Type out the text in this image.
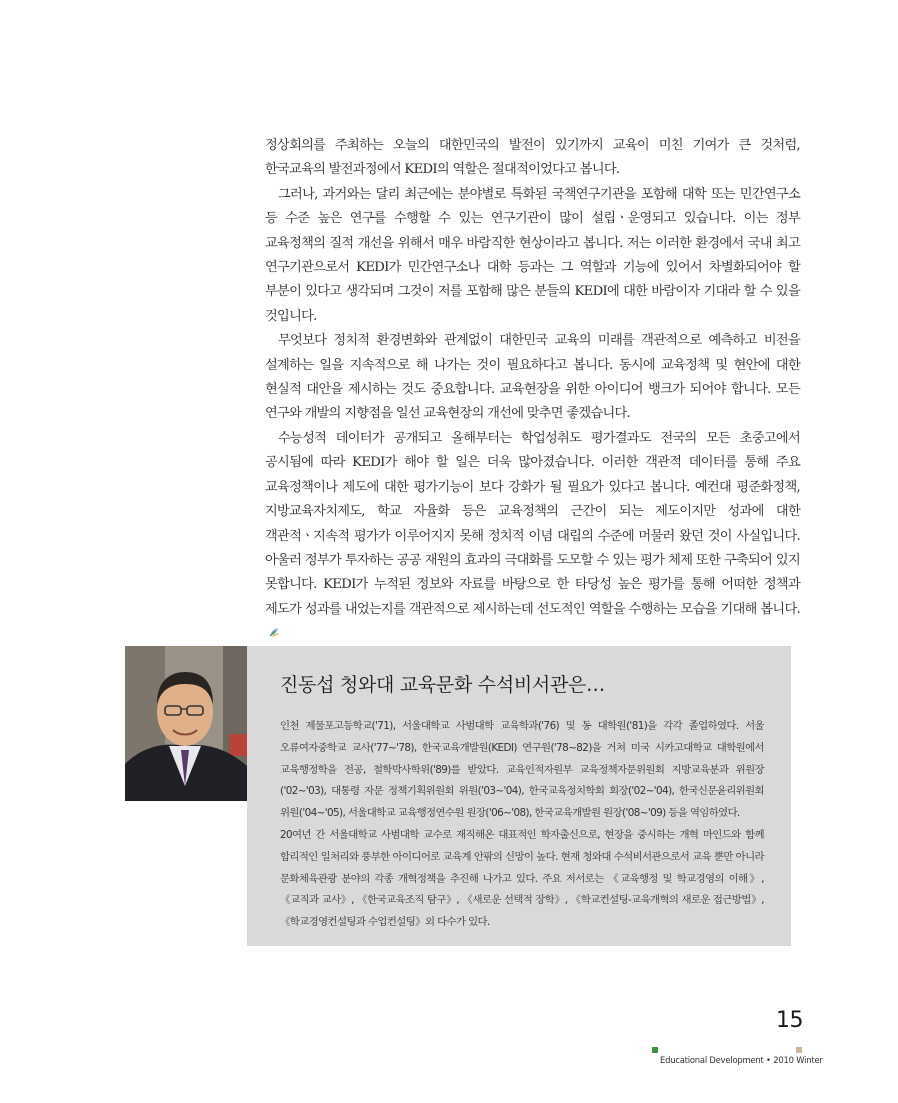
정상회의를 주최하는 오늘의 대한민국의 발전이 있기까지 교육이 미친 기여가 큰 것처럼, 한국교육의 발전과정에서 KEDI의 역할은 절대적이었다고 봅니다.

그러나, 과거와는 달리 최근에는 분야별로 특화된 국책연구기관을 포함해 대학 또는 민간연구소 등 수준 높은 연구를 수행할 수 있는 연구기관이 많이 설립ㆍ운영되고 있습니다. 이는 정부 교육정책의 질적 개선을 위해서 매우 바람직한 현상이라고 봅니다. 저는 이러한 환경에서 국내 최고 연구기관으로서 KEDI가 민간연구소나 대학 등과는 그 역할과 기능에 있어서 차별화되어야 할 부분이 있다고 생각되며 그것이 저를 포함해 많은 분들의 KEDI에 대한 바람이자 기대라 할 수 있을 것입니다.

무엇보다 정치적 환경변화와 관계없이 대한민국 교육의 미래를 객관적으로 예측하고 비전을 설계하는 일을 지속적으로 해 나가는 것이 필요하다고 봅니다. 동시에 교육정책 및 현안에 대한 현실적 대안을 제시하는 것도 중요합니다. 교육현장을 위한 아이디어 뱅크가 되어야 합니다. 모든 연구와 개발의 지향점을 일선 교육현장의 개선에 맞추면 좋겠습니다.

수능성적 데이터가 공개되고 올해부터는 학업성취도 평가결과도 전국의 모든 초중고에서 공시됨에 따라 KEDI가 해야 할 일은 더욱 많아졌습니다. 이러한 객관적 데이터를 통해 주요 교육정책이나 제도에 대한 평가기능이 보다 강화가 될 필요가 있다고 봅니다. 예컨대 평준화정책, 지방교육자치제도, 학교 자율화 등은 교육정책의 근간이 되는 제도이지만 성과에 대한 객관적ㆍ지속적 평가가 이루어지지 못해 정치적 이념 대립의 수준에 머물러 왔던 것이 사실입니다. 아울러 정부가 투자하는 공공 재원의 효과의 극대화를 도모할 수 있는 평가 체제 또한 구축되어 있지 못합니다. KEDI가 누적된 정보와 자료를 바탕으로 한 타당성 높은 평가를 통해 어떠한 정책과 제도가 성과를 내었는지를 객관적으로 제시하는데 선도적인 역할을 수행하는 모습을 기대해 봅니다.

진동섭 청와대 교육문화 수석비서관은…

인천 제물포고등학교('71), 서울대학교 사범대학 교육학과('76) 및 동 대학원('81)을 각각 졸업하였다. 서울 오류여자중학교 교사('77~'78), 한국교육개발원(KEDI) 연구원('78~82)을 거쳐 미국 시카고대학교 대학원에서 교육행정학을 전공, 철학박사학위('89)를 받았다. 교육인적자원부 교육정책자문위원회 지방교육분과 위원장('02~'03), 대통령 자문 정책기획위원회 위원('03~'04), 한국교육정치학회 회장('02~'04), 한국신문윤리위원회 위원('04~'05), 서울대학교 교육행정연수원 원장('06~'08), 한국교육개발원 원장('08~'09) 등을 역임하였다.

20여년 간 서울대학교 사범대학 교수로 재직해온 대표적인 학자출신으로, 현장을 중시하는 개혁 마인드와 함께 합리적인 일처리와 풍부한 아이디어로 교육계 안팎의 신망이 높다. 현재 청와대 수석비서관으로서 교육 뿐만 아니라 문화체육관광 분야의 각종 개혁정책을 추진해 나가고 있다. 주요 저서로는 《교육행정 및 학교경영의 이해》, 《교직과 교사》, 《한국교육조직 탐구》, 《새로운 선택적 장학》, 《학교컨설팅-교육개혁의 새로운 접근방법》, 《학교경영컨설팅과 수업컨설팅》외 다수가 있다.

15
Educational Development • 2010 Winter
